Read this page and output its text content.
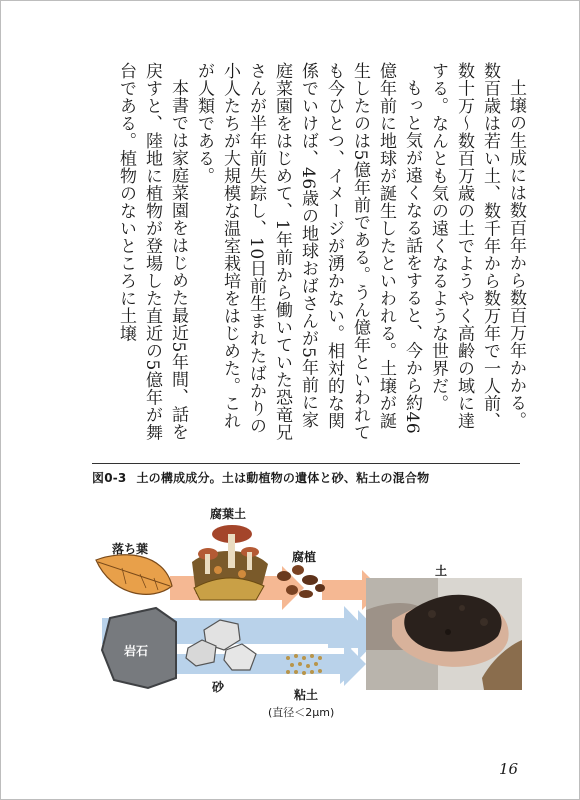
土壌の生成には数百年から数百万年かかる。数百歳は若い土、数千年から数万年で一人前、数十万〜数百万歳の土でようやく高齢の域に達する。なんとも気の遠くなるような世界だ。

もっと気が遠くなる話をすると、今から約46億年前に地球が誕生したといわれる。土壌が誕生したのは5億年前である。うん億年といわれても今ひとつ、イメージが湧かない。相対的な関係でいけば、46歳の地球おばさんが5年前に家庭菜園をはじめて、1年前から働いていた恐竜兄さんが半年前失踪し、10日前生まれたばかりの小人たちが大規模な温室栽培をはじめた。これが人類である。

本書では家庭菜園をはじめた最近5年間、話を戻すと、陸地に植物が登場した直近の5億年が舞台である。植物のないところに土壌

図0-3 土の構成成分。土は動植物の遺体と砂、粘土の混合物
腐葉土
落ち葉
腐植
土
岩石
砂
粘土
(直径＜2μm)
16
